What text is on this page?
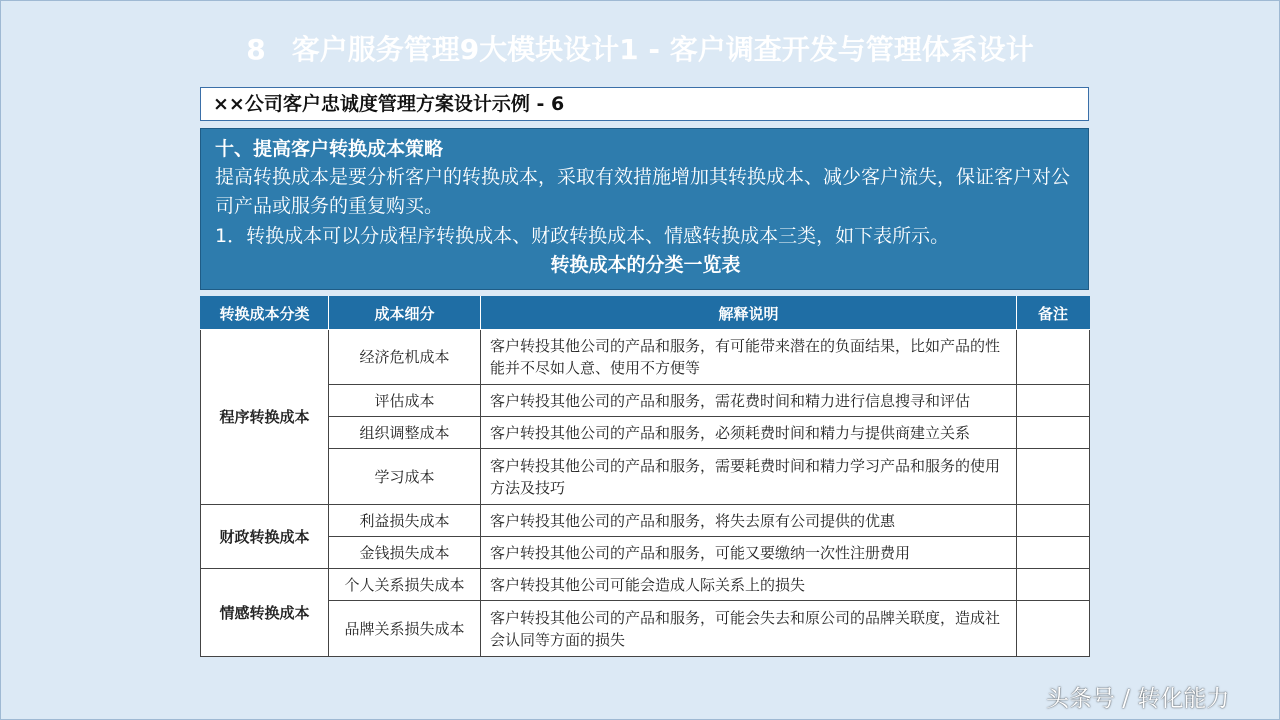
8 客户服务管理9大模块设计1 - 客户调查开发与管理体系设计
××公司客户忠诚度管理方案设计示例 - 6
十、提高客户转换成本策略
提高转换成本是要分析客户的转换成本，采取有效措施增加其转换成本、减少客户流失，保证客户对公司产品或服务的重复购买。
1．转换成本可以分成程序转换成本、财政转换成本、情感转换成本三类，如下表所示。
转换成本的分类一览表
转换成本分类	成本细分	解释说明	备注
程序转换成本	经济危机成本	客户转投其他公司的产品和服务，有可能带来潜在的负面结果，比如产品的性能并不尽如人意、使用不方便等	
	评估成本	客户转投其他公司的产品和服务，需花费时间和精力进行信息搜寻和评估	
	组织调整成本	客户转投其他公司的产品和服务，必须耗费时间和精力与提供商建立关系	
	学习成本	客户转投其他公司的产品和服务，需要耗费时间和精力学习产品和服务的使用方法及技巧	
财政转换成本	利益损失成本	客户转投其他公司的产品和服务，将失去原有公司提供的优惠	
	金钱损失成本	客户转投其他公司的产品和服务，可能又要缴纳一次性注册费用	
情感转换成本	个人关系损失成本	客户转投其他公司可能会造成人际关系上的损失	
	品牌关系损失成本	客户转投其他公司的产品和服务，可能会失去和原公司的品牌关联度，造成社会认同等方面的损失	
头条号 / 转化能力
